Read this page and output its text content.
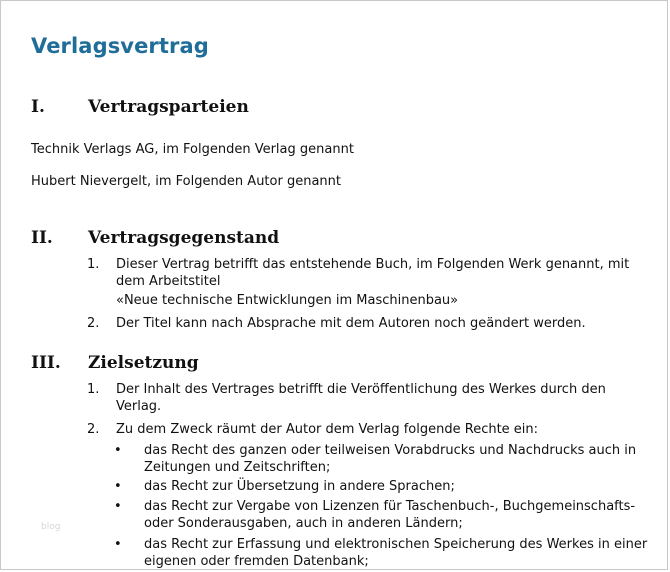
Verlagsvertrag
I.	Vertragsparteien
Technik Verlags AG, im Folgenden Verlag genannt
Hubert Nievergelt, im Folgenden Autor genannt
II.	Vertragsgegenstand
1.	Dieser Vertrag betrifft das entstehende Buch, im Folgenden Werk genannt, mit
dem Arbeitstitel
«Neue technische Entwicklungen im Maschinenbau»
2.	Der Titel kann nach Absprache mit dem Autoren noch geändert werden.
III.	Zielsetzung
1.	Der Inhalt des Vertrages betrifft die Veröffentlichung des Werkes durch den
Verlag.
2.	Zu dem Zweck räumt der Autor dem Verlag folgende Rechte ein:
• das Recht des ganzen oder teilweisen Vorabdrucks und Nachdrucks auch in
Zeitungen und Zeitschriften;
• das Recht zur Übersetzung in andere Sprachen;
• das Recht zur Vergabe von Lizenzen für Taschenbuch-, Buchgemeinschafts-
oder Sonderausgaben, auch in anderen Ländern;
• das Recht zur Erfassung und elektronischen Speicherung des Werkes in einer
eigenen oder fremden Datenbank;
blog
